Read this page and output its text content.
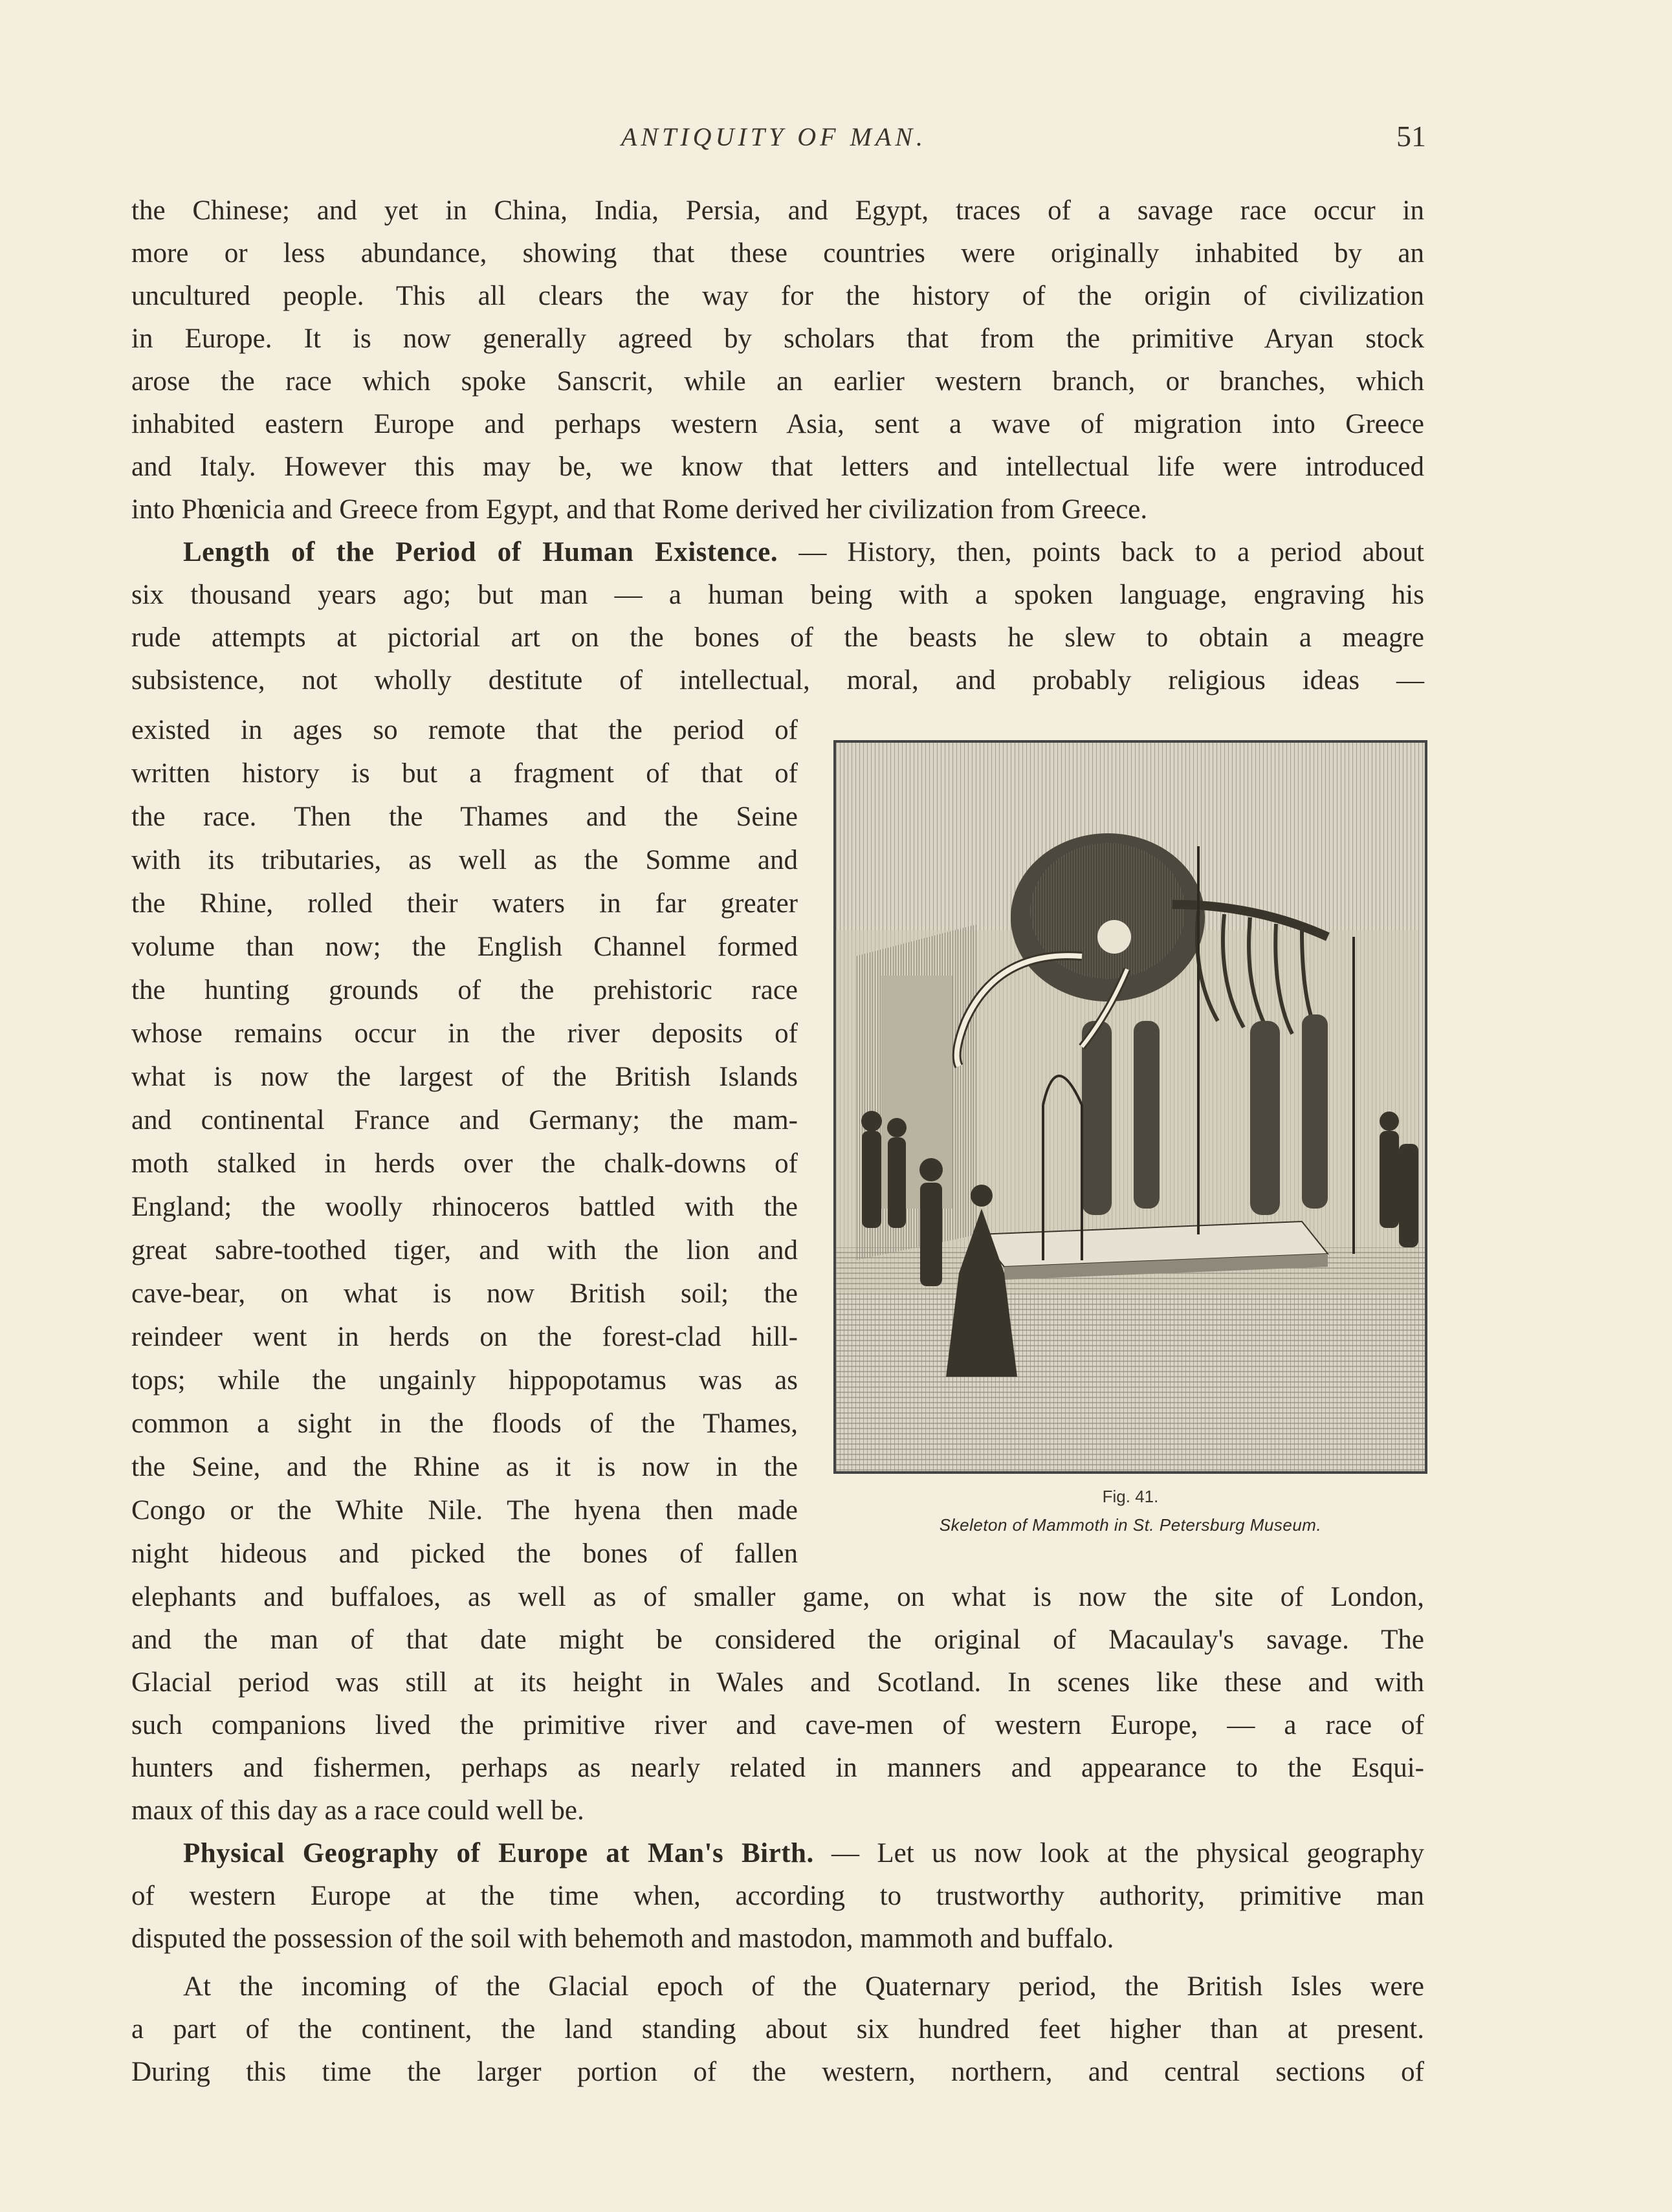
ANTIQUITY OF MAN.	51
the Chinese; and yet in China, India, Persia, and Egypt, traces of a savage race occur in
more or less abundance, showing that these countries were originally inhabited by an
uncultured people. This all clears the way for the history of the origin of civilization
in Europe. It is now generally agreed by scholars that from the primitive Aryan stock
arose the race which spoke Sanscrit, while an earlier western branch, or branches, which
inhabited eastern Europe and perhaps western Asia, sent a wave of migration into Greece
and Italy. However this may be, we know that letters and intellectual life were introduced
into Phœnicia and Greece from Egypt, and that Rome derived her civilization from Greece.
Length of the Period of Human Existence. — History, then, points back to a period about
six thousand years ago; but man — a human being with a spoken language, engraving his
rude attempts at pictorial art on the bones of the beasts he slew to obtain a meagre
subsistence, not wholly destitute of intellectual, moral, and probably religious ideas —
existed in ages so remote that the period of
written history is but a fragment of that of
the race. Then the Thames and the Seine
with its tributaries, as well as the Somme and
the Rhine, rolled their waters in far greater
volume than now; the English Channel formed
the hunting grounds of the prehistoric race
whose remains occur in the river deposits of
what is now the largest of the British Islands
and continental France and Germany; the mam-
moth stalked in herds over the chalk-downs of
England; the woolly rhinoceros battled with the
great sabre-toothed tiger, and with the lion and
cave-bear, on what is now British soil; the
reindeer went in herds on the forest-clad hill-
tops; while the ungainly hippopotamus was as
common a sight in the floods of the Thames,
the Seine, and the Rhine as it is now in the
Congo or the White Nile. The hyena then made
night hideous and picked the bones of fallen
elephants and buffaloes, as well as of smaller game, on what is now the site of London,
and the man of that date might be considered the original of Macaulay's savage. The
Glacial period was still at its height in Wales and Scotland. In scenes like these and with
such companions lived the primitive river and cave-men of western Europe, — a race of
hunters and fishermen, perhaps as nearly related in manners and appearance to the Esqui-
maux of this day as a race could well be.
Physical Geography of Europe at Man's Birth. — Let us now look at the physical geography
of western Europe at the time when, according to trustworthy authority, primitive man
disputed the possession of the soil with behemoth and mastodon, mammoth and buffalo.
At the incoming of the Glacial epoch of the Quaternary period, the British Isles were
a part of the continent, the land standing about six hundred feet higher than at present.
During this time the larger portion of the western, northern, and central sections of
Fig. 41.
Skeleton of Mammoth in St. Petersburg Museum.
